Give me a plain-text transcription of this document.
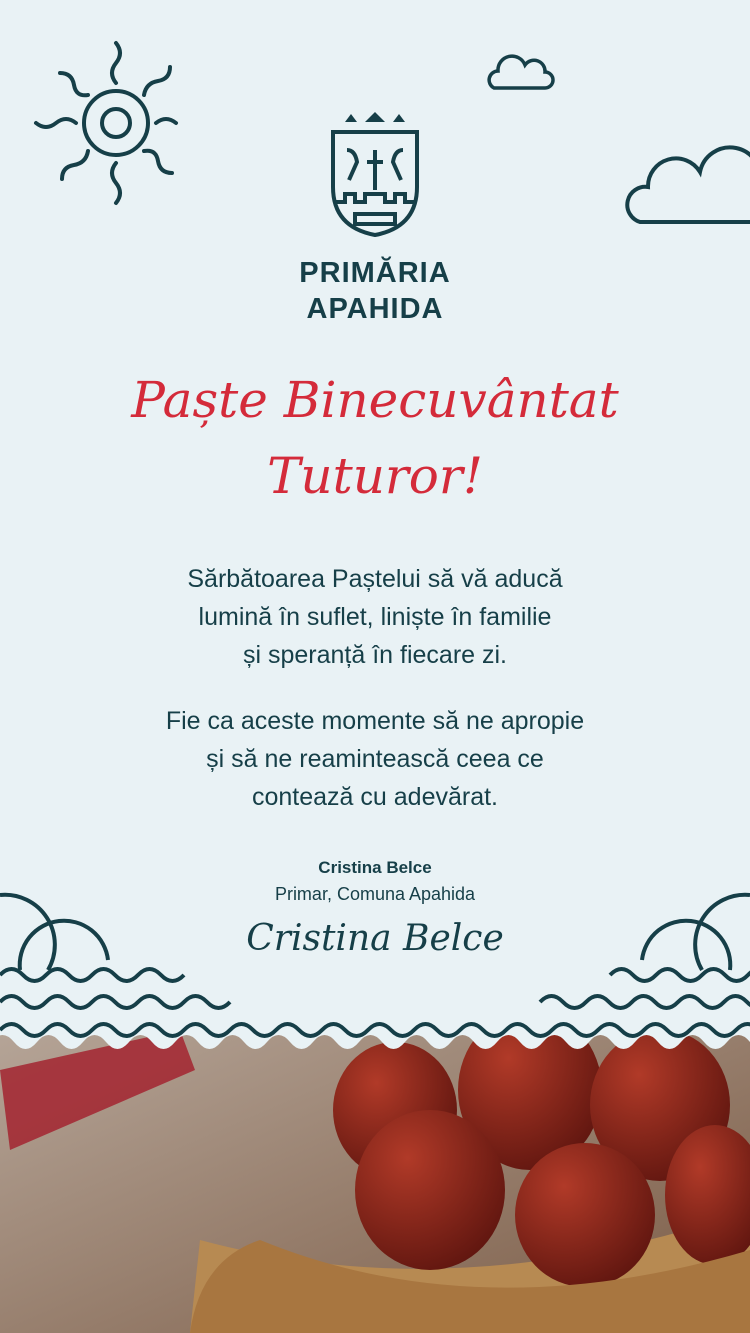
PRIMĂRIA
APAHIDA
Paște Binecuvântat
Tuturor!
Sărbătoarea Paștelui să vă aducă
lumină în suflet, liniște în familie
și speranță în fiecare zi.
Fie ca aceste momente să ne apropie
și să ne reamintească ceea ce
contează cu adevărat.
Cristina Belce
Primar, Comuna Apahida
Cristina Belce
